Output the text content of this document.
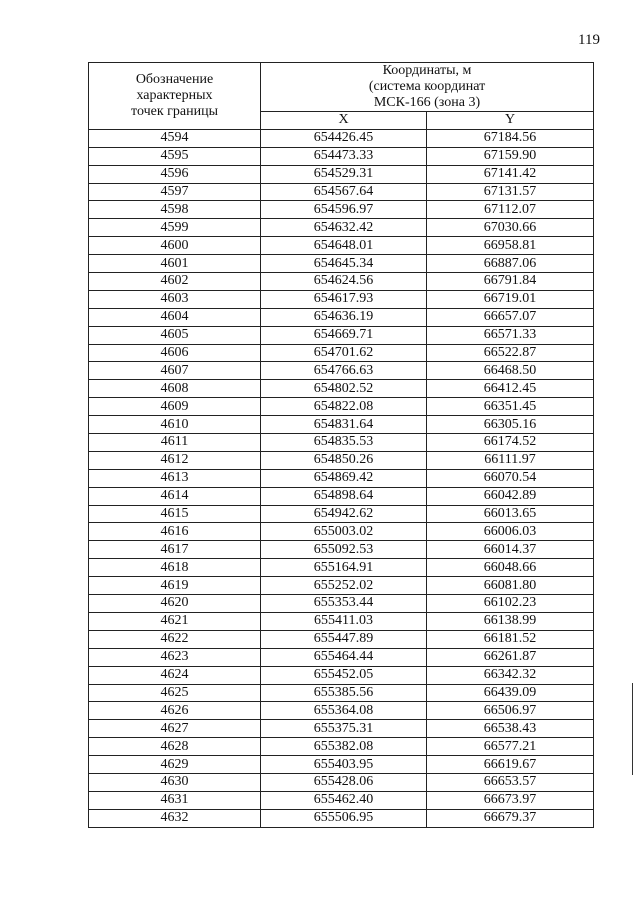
119
Обозначение
характерных
точек границы	Координаты, м
(система координат
МСК-166 (зона 3)	

	X	Y
4594	654426.45	67184.56
4595	654473.33	67159.90
4596	654529.31	67141.42
4597	654567.64	67131.57
4598	654596.97	67112.07
4599	654632.42	67030.66
4600	654648.01	66958.81
4601	654645.34	66887.06
4602	654624.56	66791.84
4603	654617.93	66719.01
4604	654636.19	66657.07
4605	654669.71	66571.33
4606	654701.62	66522.87
4607	654766.63	66468.50
4608	654802.52	66412.45
4609	654822.08	66351.45
4610	654831.64	66305.16
4611	654835.53	66174.52
4612	654850.26	66111.97
4613	654869.42	66070.54
4614	654898.64	66042.89
4615	654942.62	66013.65
4616	655003.02	66006.03
4617	655092.53	66014.37
4618	655164.91	66048.66
4619	655252.02	66081.80
4620	655353.44	66102.23
4621	655411.03	66138.99
4622	655447.89	66181.52
4623	655464.44	66261.87
4624	655452.05	66342.32
4625	655385.56	66439.09
4626	655364.08	66506.97
4627	655375.31	66538.43
4628	655382.08	66577.21
4629	655403.95	66619.67
4630	655428.06	66653.57
4631	655462.40	66673.97
4632	655506.95	66679.37
